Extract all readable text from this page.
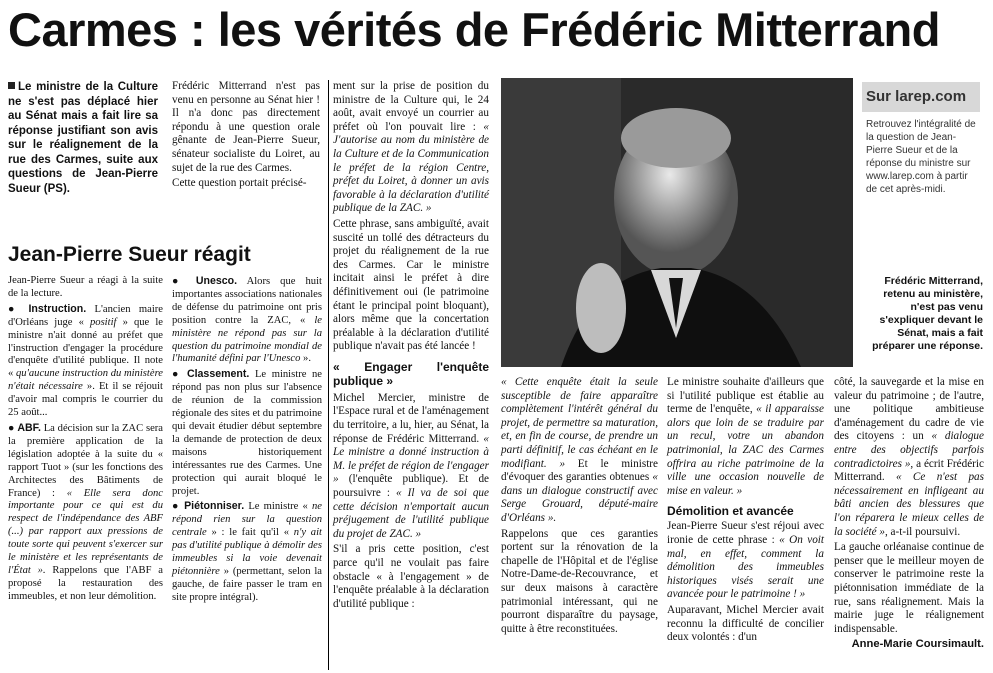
Carmes : les vérités de Frédéric Mitterrand
Le ministre de la Culture ne s'est pas déplacé hier au Sénat mais a fait lire sa réponse justifiant son avis sur le réalignement de la rue des Carmes, suite aux questions de Jean-Pierre Sueur (PS).

Frédéric Mitterrand n'est pas venu en personne au Sénat hier ! Il n'a donc pas directement répondu à une question orale gênante de Jean-Pierre Sueur, sénateur socialiste du Loiret, au sujet de la rue des Carmes.

Cette question portait précisé-

ment sur la prise de position du ministre de la Culture qui, le 24 août, avait envoyé un courrier au préfet où l'on pouvait lire : « J'autorise au nom du ministère de la Culture et de la Communication le préfet de la région Centre, préfet du Loiret, à donner un avis favorable à la déclaration d'utilité publique de la ZAC. »

Cette phrase, sans ambiguïté, avait suscité un tollé des détracteurs du projet du réalignement de la rue des Carmes. Car le ministre incitait ainsi le préfet à dire définitivement oui (le patrimoine étant le principal point bloquant), alors même que la concertation préalable à la déclaration d'utilité publique n'avait pas été lancée !

« Engager l'enquête publique »

Michel Mercier, ministre de l'Espace rural et de l'aménagement du territoire, a lu, hier, au Sénat, la réponse de Frédéric Mitterrand. « Le ministre a donné instruction à M. le préfet de région de l'engager » (l'enquête publique). Et de poursuivre : « Il va de soi que cette décision n'emportait aucun préjugement de l'utilité publique du projet de ZAC. »

S'il a pris cette position, c'est parce qu'il ne voulait pas faire obstacle « à l'engagement » de l'enquête préalable à la déclaration d'utilité publique :

Jean-Pierre Sueur réagit

Jean-Pierre Sueur a réagi à la suite de la lecture.

● Instruction. L'ancien maire d'Orléans juge « positif » que le ministre n'ait donné au préfet que l'instruction d'engager la procédure d'enquête d'utilité publique. Il note « qu'aucune instruction du ministère n'était nécessaire ». Et il se réjouit d'avoir mal compris le courrier du 25 août...

● ABF. La décision sur la ZAC sera la première application de la législation adoptée à la suite du « rapport Tuot » (sur les fonctions des Architectes des Bâtiments de France) : « Elle sera donc importante pour ce qui est du respect de l'indépendance des ABF (...) par rapport aux pressions de toute sorte qui peuvent s'exercer sur le ministère et les représentants de l'État ». Rappelons que l'ABF a proposé la restauration des immeubles, et non leur démolition.

● Unesco. Alors que huit importantes associations nationales de défense du patrimoine ont pris position contre la ZAC, « le ministère ne répond pas sur la question du patrimoine mondial de l'humanité défini par l'Unesco ».

● Classement. Le ministre ne répond pas non plus sur l'absence de réunion de la commission régionale des sites et du patrimoine qui devait étudier début septembre la demande de protection de deux maisons historiquement intéressantes rue des Carmes. Une protection qui aurait bloqué le projet.

● Piétonniser. Le ministre « ne répond rien sur la question centrale » : le fait qu'il « n'y ait pas d'utilité publique à démolir des immeubles si la voie devenait piétonnière » (permettant, selon la gauche, de faire passer le tram en site propre intégral).

Sur larep.com
Retrouvez l'intégralité de la question de Jean-Pierre Sueur et de la réponse du ministre sur www.larep.com à partir de cet après-midi.
Frédéric Mitterrand, retenu au ministère, n'est pas venu s'expliquer devant le Sénat, mais a fait préparer une réponse.

« Cette enquête était la seule susceptible de faire apparaître complètement l'intérêt général du projet, de permettre sa maturation, et, en fin de course, de prendre un parti définitif, le cas échéant en le modifiant. » Et le ministre d'évoquer des garanties obtenues « dans un dialogue constructif avec Serge Grouard, député-maire d'Orléans ».

Rappelons que ces garanties portent sur la rénovation de la chapelle de l'Hôpital et de l'église Notre-Dame-de-Recouvrance, et sur deux maisons à caractère patrimonial intéressant, qui ne pourront disparaître du paysage, quitte à être reconstituées.

Le ministre souhaite d'ailleurs que si l'utilité publique est établie au terme de l'enquête, « il apparaisse alors que loin de se traduire par un recul, votre un abandon patrimonial, la ZAC des Carmes offrira au riche patrimoine de la ville une occasion nouvelle de mise en valeur. »

Démolition et avancée

Jean-Pierre Sueur s'est réjoui avec ironie de cette phrase : « On voit mal, en effet, comment la démolition des immeubles historiques visés serait une avancée pour le patrimoine ! »

Auparavant, Michel Mercier avait reconnu la difficulté de concilier deux volontés : d'un

côté, la sauvegarde et la mise en valeur du patrimoine ; de l'autre, une politique ambitieuse d'aménagement du cadre de vie des citoyens : un « dialogue entre des objectifs parfois contradictoires », a écrit Frédéric Mitterrand. « Ce n'est pas nécessairement en infligeant au bâti ancien des blessures que l'on réparera le mieux celles de la société », a-t-il poursuivi.

La gauche orléanaise continue de penser que le meilleur moyen de conserver le patrimoine reste la piétonnisation immédiate de la rue, sans réalignement. Mais la mairie juge le réalignement indispensable.

Anne-Marie Coursimault.
